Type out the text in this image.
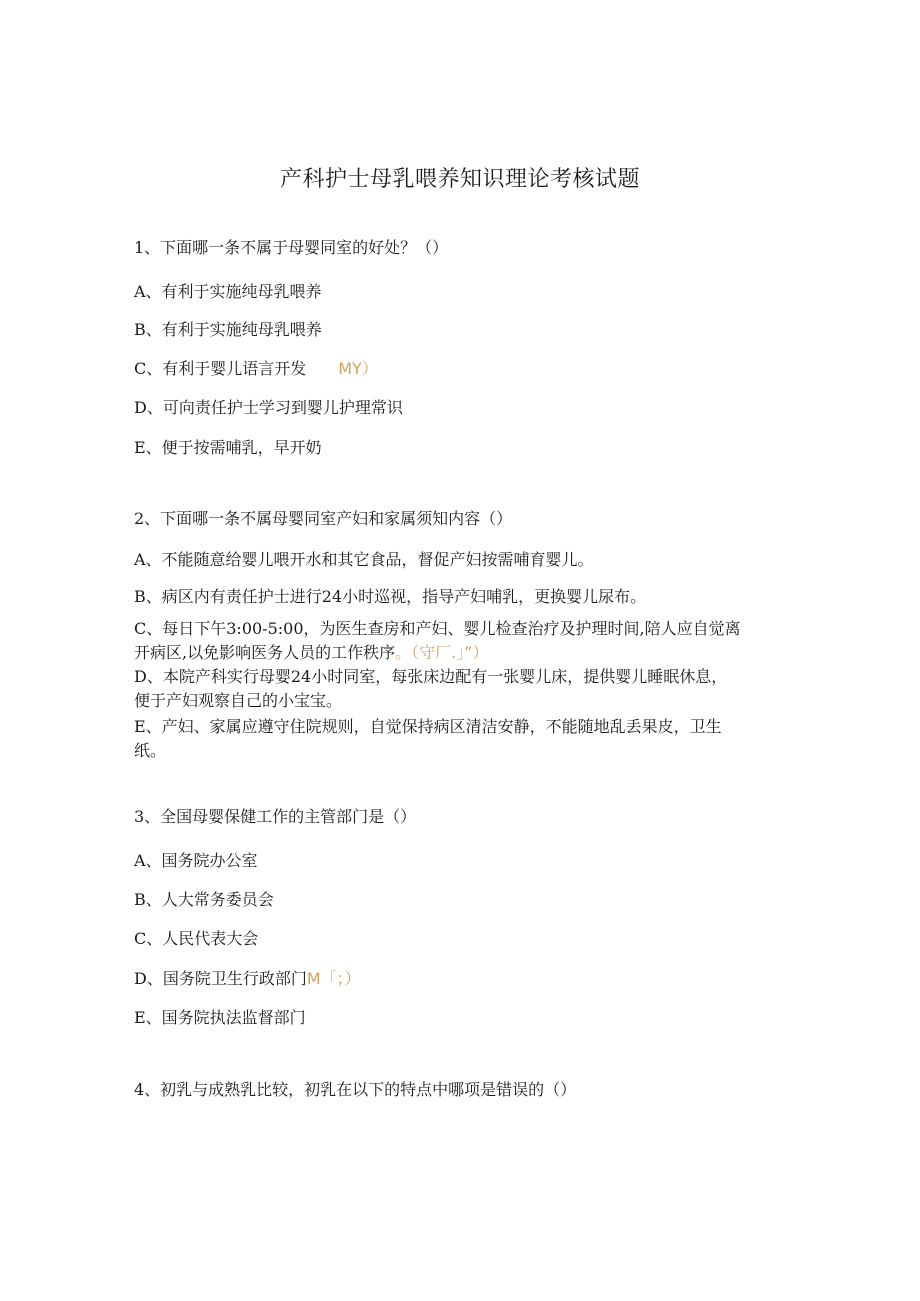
产科护士母乳喂养知识理论考核试题
1、下面哪一条不属于母婴同室的好处？（）
A、有利于实施纯母乳喂养
B、有利于实施纯母乳喂养
C、有利于婴儿语言开发 MY）
D、可向责任护士学习到婴儿护理常识
E、便于按需哺乳，早开奶
2、下面哪一条不属母婴同室产妇和家属须知内容（）
A、不能随意给婴儿喂开水和其它食品，督促产妇按需哺育婴儿。
B、病区内有责任护士进行24小时巡视，指导产妇哺乳，更换婴儿尿布。
C、每日下午3:00-5:00，为医生查房和产妇、婴儿检查治疗及护理时间,陪人应自觉离
开病区,以免影响医务人员的工作秩序。（守厂.」”）
D、本院产科实行母婴24小时同室，每张床边配有一张婴儿床，提供婴儿睡眠休息，
便于产妇观察自己的小宝宝。
E、产妇、家属应遵守住院规则，自觉保持病区清洁安静，不能随地乱丢果皮，卫生
纸。
3、全国母婴保健工作的主管部门是（）
A、国务院办公室
B、人大常务委员会
C、人民代表大会
D、国务院卫生行政部门M「；）
E、国务院执法监督部门
4、初乳与成熟乳比较，初乳在以下的特点中哪项是错误的（）
